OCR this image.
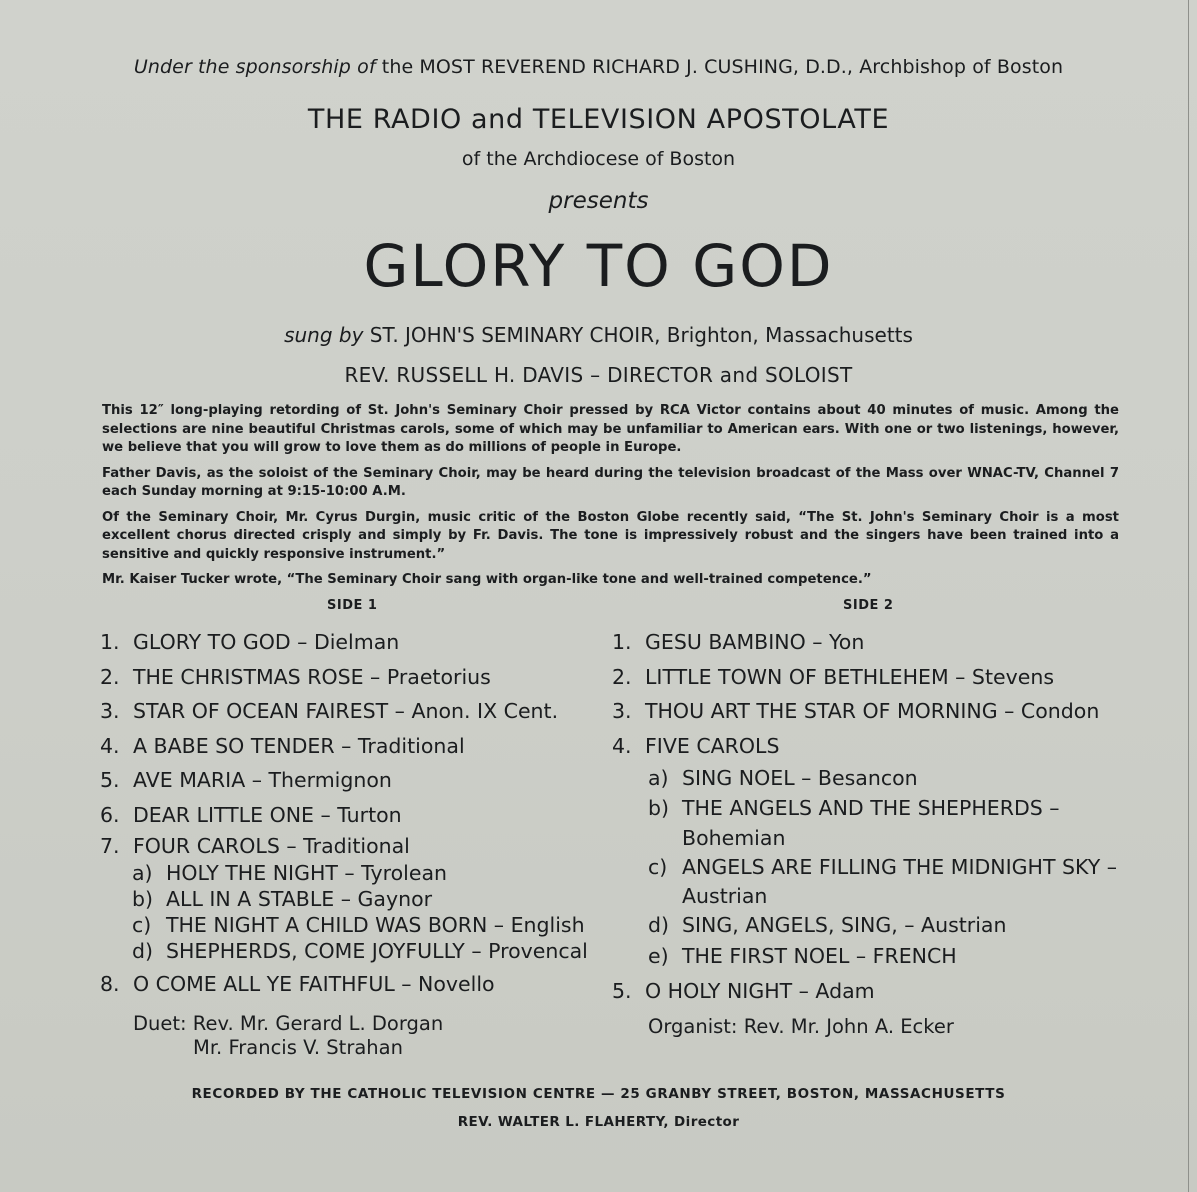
Under the sponsorship of the MOST REVEREND RICHARD J. CUSHING, D.D., Archbishop of Boston
THE RADIO and TELEVISION APOSTOLATE
of the Archdiocese of Boston
presents
GLORY TO GOD
sung by ST. JOHN'S SEMINARY CHOIR, Brighton, Massachusetts
REV. RUSSELL H. DAVIS – DIRECTOR and SOLOIST

This 12″ long-playing retording of St. John's Seminary Choir pressed by RCA Victor contains about 40 minutes of music. Among the selections are nine beautiful Christmas carols, some of which may be unfamiliar to American ears. With one or two listenings, however, we believe that you will grow to love them as do millions of people in Europe.

Father Davis, as the soloist of the Seminary Choir, may be heard during the television broadcast of the Mass over WNAC-TV, Channel 7 each Sunday morning at 9:15-10:00 A.M.

Of the Seminary Choir, Mr. Cyrus Durgin, music critic of the Boston Globe recently said, “The St. John's Seminary Choir is a most excellent chorus directed crisply and simply by Fr. Davis. The tone is impressively robust and the singers have been trained into a sensitive and quickly responsive instrument.”

Mr. Kaiser Tucker wrote, “The Seminary Choir sang with organ-like tone and well-trained competence.”

SIDE 1	SIDE 2
1. GLORY TO GOD – Dielman
2. THE CHRISTMAS ROSE – Praetorius
3. STAR OF OCEAN FAIREST – Anon. IX Cent.
4. A BABE SO TENDER – Traditional
5. AVE MARIA – Thermignon
6. DEAR LITTLE ONE – Turton
7. FOUR CAROLS – Traditional
a) HOLY THE NIGHT – Tyrolean
b) ALL IN A STABLE – Gaynor
c) THE NIGHT A CHILD WAS BORN – English
d) SHEPHERDS, COME JOYFULLY – Provencal
8. O COME ALL YE FAITHFUL – Novello
Duet: Rev. Mr. Gerard L. Dorgan
Mr. Francis V. Strahan
1. GESU BAMBINO – Yon
2. LITTLE TOWN OF BETHLEHEM – Stevens
3. THOU ART THE STAR OF MORNING – Condon
4. FIVE CAROLS
a) SING NOEL – Besancon
b) THE ANGELS AND THE SHEPHERDS –
Bohemian
c) ANGELS ARE FILLING THE MIDNIGHT SKY –
Austrian
d) SING, ANGELS, SING, – Austrian
e) THE FIRST NOEL – FRENCH
5. O HOLY NIGHT – Adam
Organist: Rev. Mr. John A. Ecker
RECORDED BY THE CATHOLIC TELEVISION CENTRE — 25 GRANBY STREET, BOSTON, MASSACHUSETTS
REV. WALTER L. FLAHERTY, Director
